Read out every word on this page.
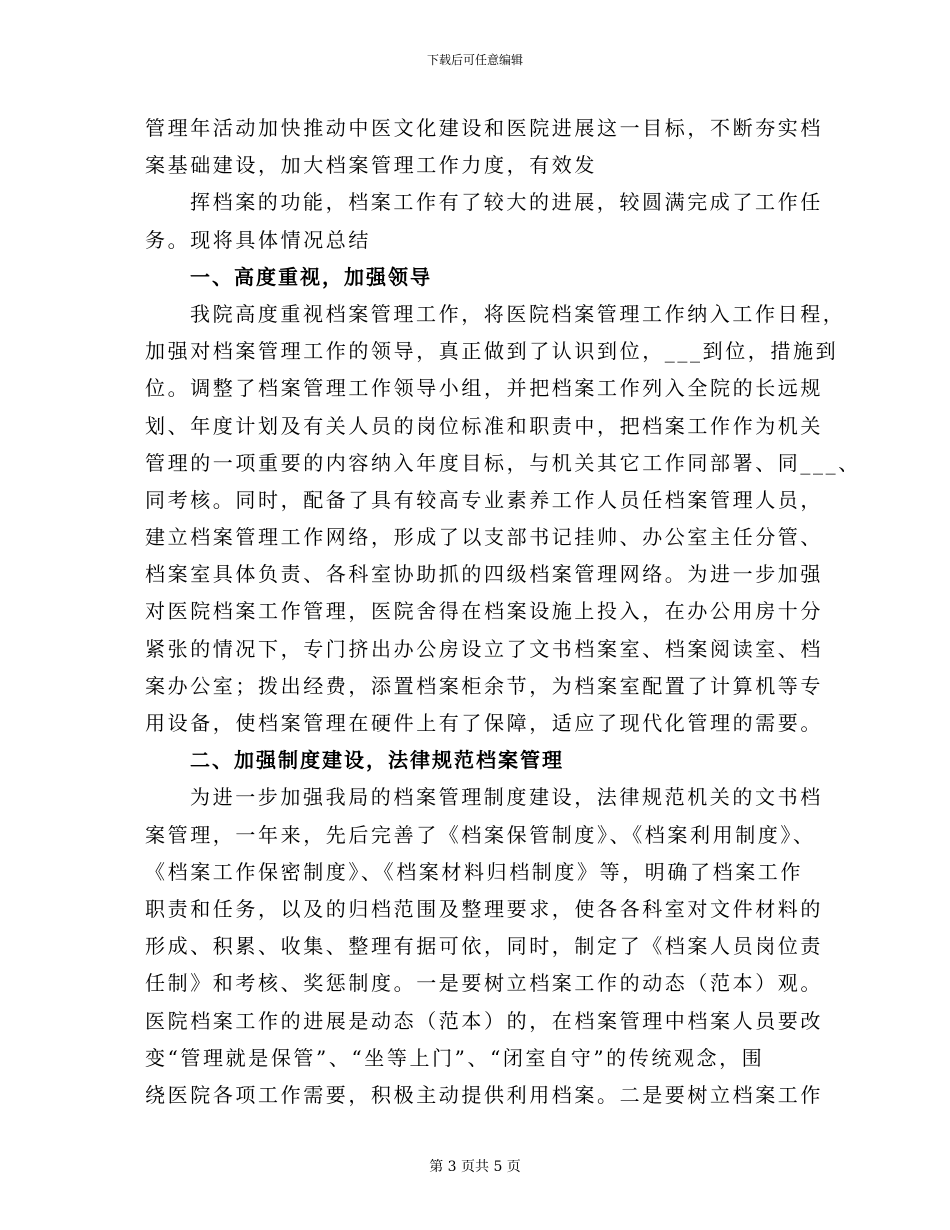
下载后可任意编辑
管理年活动加快推动中医文化建设和医院进展这一目标，不断夯实档
案基础建设，加大档案管理工作力度，有效发
挥档案的功能，档案工作有了较大的进展，较圆满完成了工作任
务。现将具体情况总结
一、高度重视，加强领导
我院高度重视档案管理工作，将医院档案管理工作纳入工作日程，
加强对档案管理工作的领导，真正做到了认识到位，___到位，措施到
位。调整了档案管理工作领导小组，并把档案工作列入全院的长远规
划、年度计划及有关人员的岗位标准和职责中，把档案工作作为机关
管理的一项重要的内容纳入年度目标，与机关其它工作同部署、同___、
同考核。同时，配备了具有较高专业素养工作人员任档案管理人员，
建立档案管理工作网络，形成了以支部书记挂帅、办公室主任分管、
档案室具体负责、各科室协助抓的四级档案管理网络。为进一步加强
对医院档案工作管理，医院舍得在档案设施上投入，在办公用房十分
紧张的情况下，专门挤出办公房设立了文书档案室、档案阅读室、档
案办公室；拨出经费，添置档案柜余节，为档案室配置了计算机等专
用设备，使档案管理在硬件上有了保障，适应了现代化管理的需要。
二、加强制度建设，法律规范档案管理
为进一步加强我局的档案管理制度建设，法律规范机关的文书档
案管理，一年来，先后完善了《档案保管制度》、《档案利用制度》、
《档案工作保密制度》、《档案材料归档制度》等，明确了档案工作
职责和任务，以及的归档范围及整理要求，使各各科室对文件材料的
形成、积累、收集、整理有据可依，同时，制定了《档案人员岗位责
任制》和考核、奖惩制度。一是要树立档案工作的动态（范本）观。
医院档案工作的进展是动态（范本）的，在档案管理中档案人员要改
变“管理就是保管”、“坐等上门”、“闭室自守”的传统观念，围
绕医院各项工作需要，积极主动提供利用档案。二是要树立档案工作
第 3 页共 5 页
